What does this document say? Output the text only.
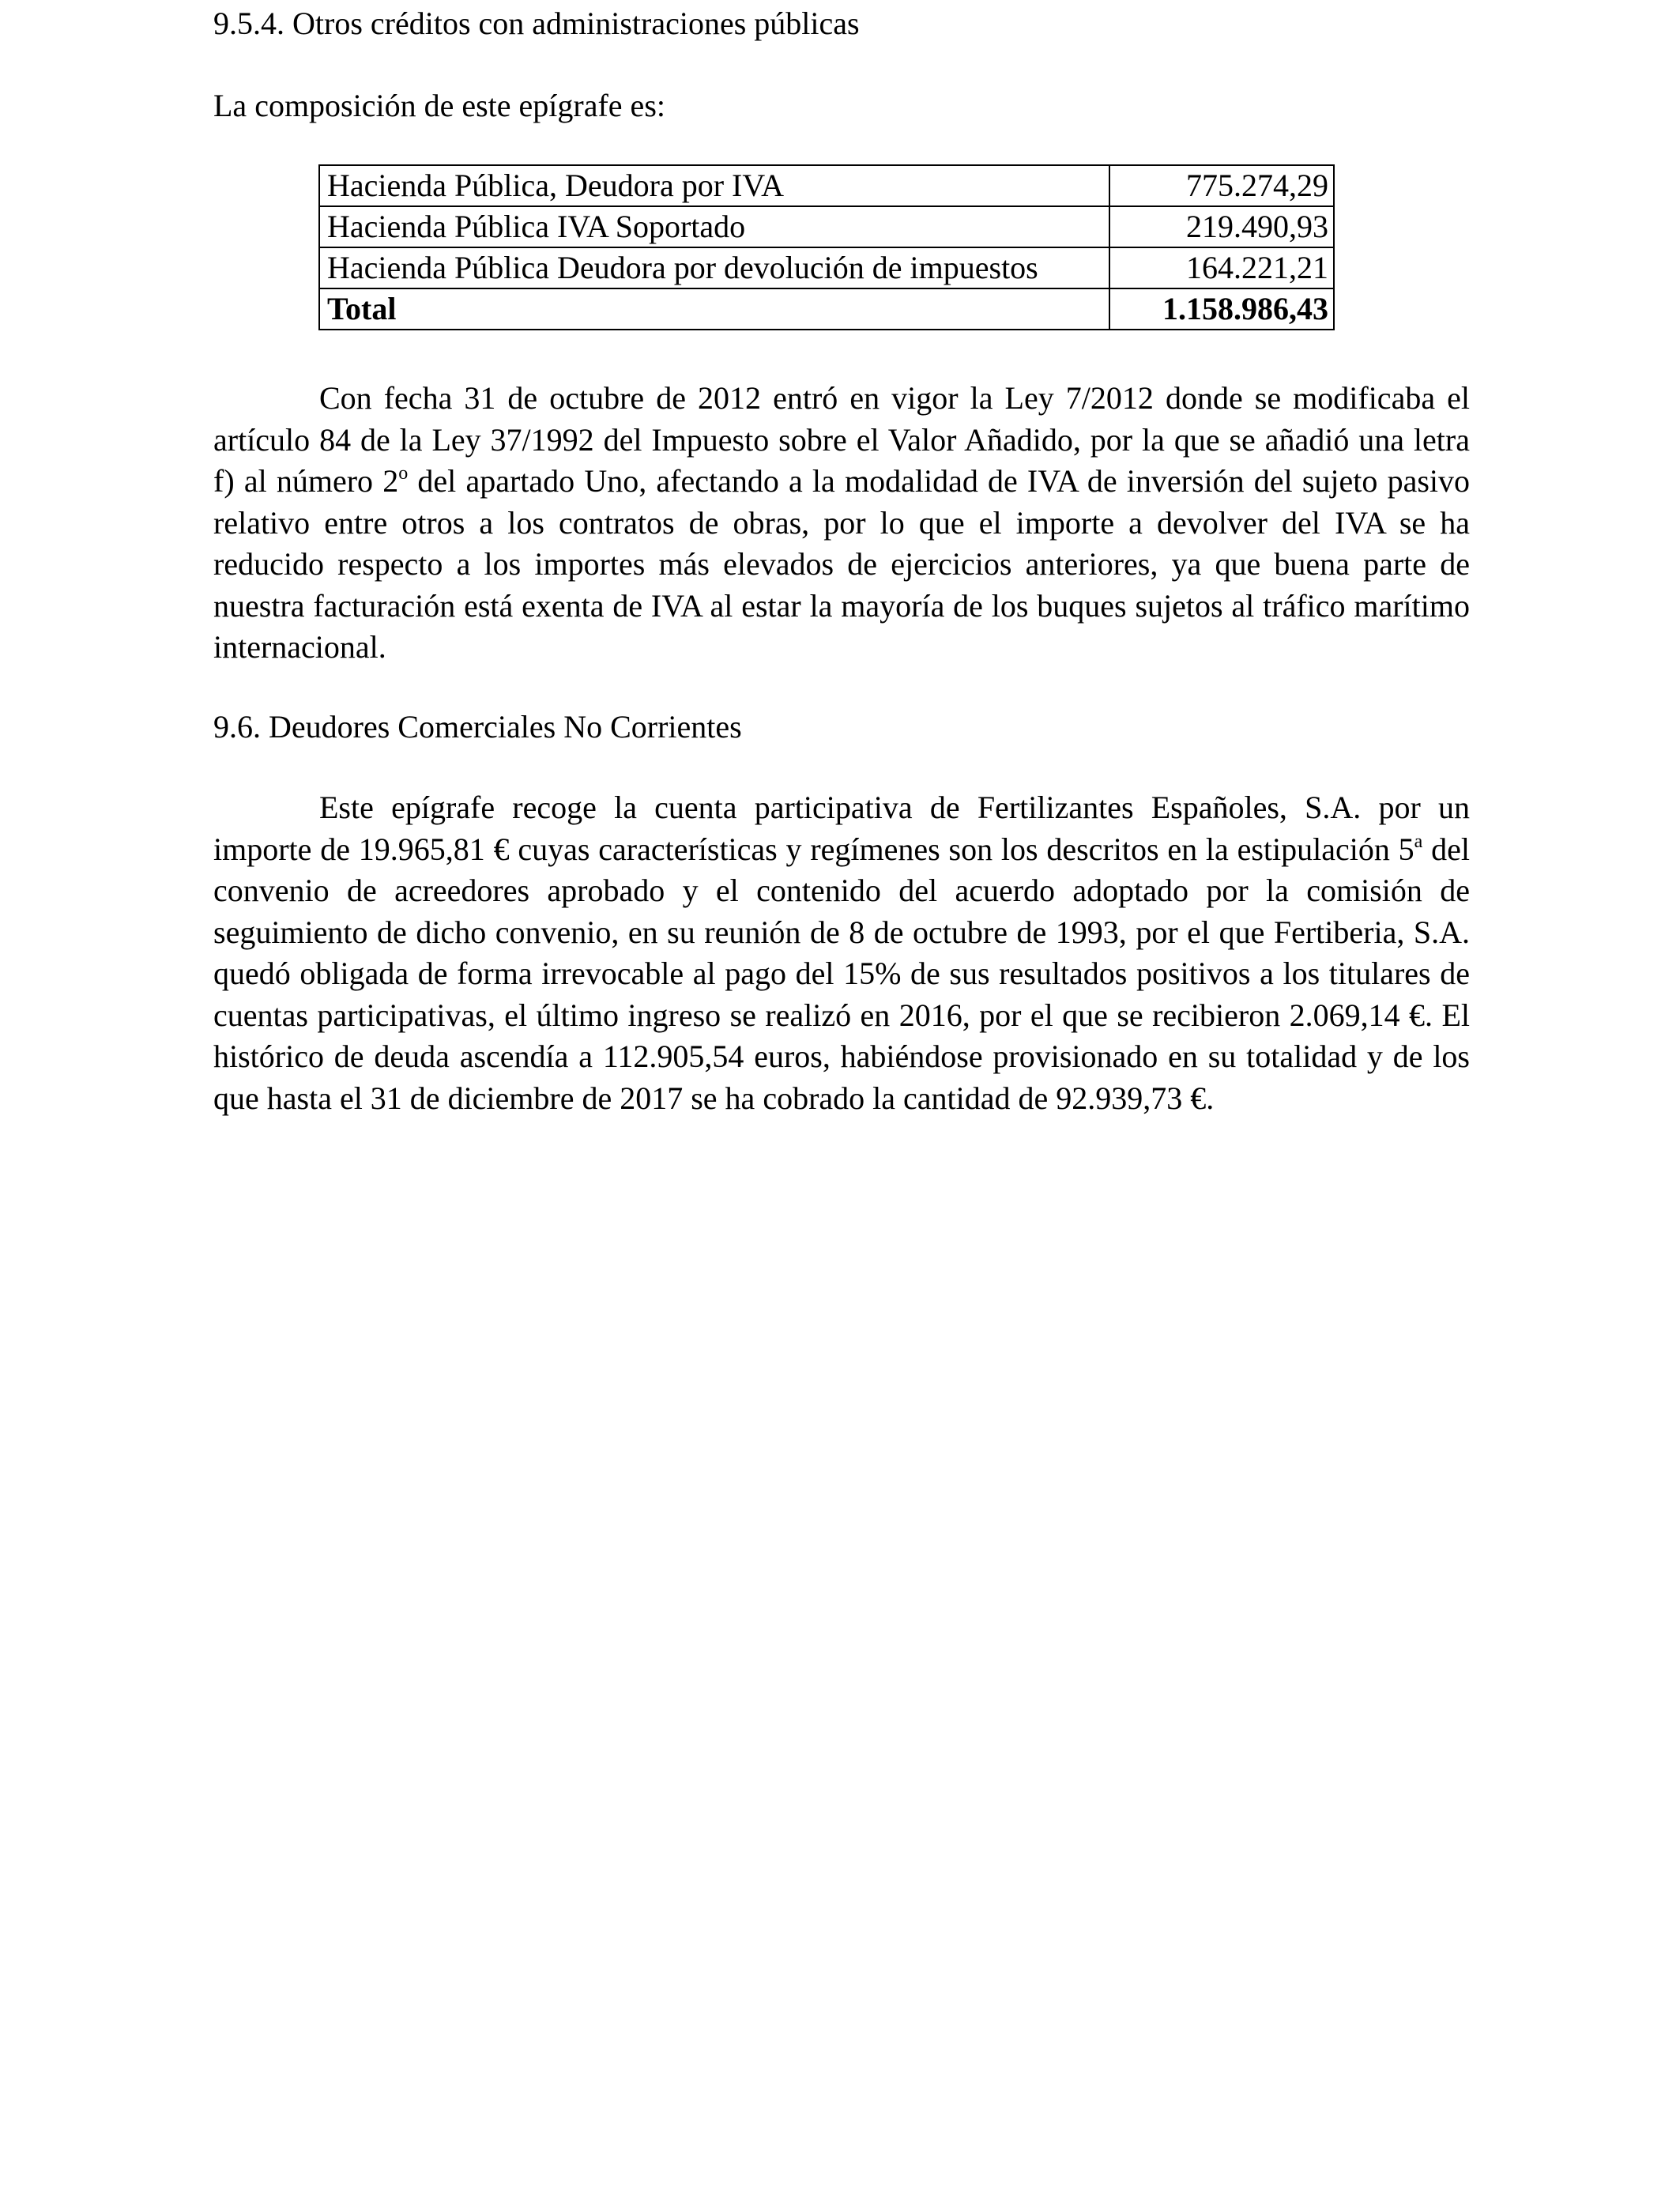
9.5.4. Otros créditos con administraciones públicas
La composición de este epígrafe es:
Hacienda Pública, Deudora por IVA	775.274,29
Hacienda Pública IVA Soportado	219.490,93
Hacienda Pública Deudora por devolución de impuestos	164.221,21
Total	1.158.986,43

Con fecha 31 de octubre de 2012 entró en vigor la Ley 7/2012 donde se modificaba el artículo 84 de la Ley 37/1992 del Impuesto sobre el Valor Añadido, por la que se añadió una letra f) al número 2$^o$ del apartado Uno, afectando a la modalidad de IVA de inversión del sujeto pasivo relativo entre otros a los contratos de obras, por lo que el importe a devolver del IVA se ha reducido respecto a los importes más elevados de ejercicios anteriores, ya que buena parte de nuestra facturación está exenta de IVA al estar la mayoría de los buques sujetos al tráfico marítimo internacional.

9.6. Deudores Comerciales No Corrientes

Este epígrafe recoge la cuenta participativa de Fertilizantes Españoles, S.A. por un importe de 19.965,81 € cuyas características y regímenes son los descritos en la estipulación 5$^a$ del convenio de acreedores aprobado y el contenido del acuerdo adoptado por la comisión de seguimiento de dicho convenio, en su reunión de 8 de octubre de 1993, por el que Fertiberia, S.A. quedó obligada de forma irrevocable al pago del 15% de sus resultados positivos a los titulares de cuentas participativas, el último ingreso se realizó en 2016, por el que se recibieron 2.069,14 €. El histórico de deuda ascendía a 112.905,54 euros, habiéndose provisionado en su totalidad y de los que hasta el 31 de diciembre de 2017 se ha cobrado la cantidad de 92.939,73 €.
